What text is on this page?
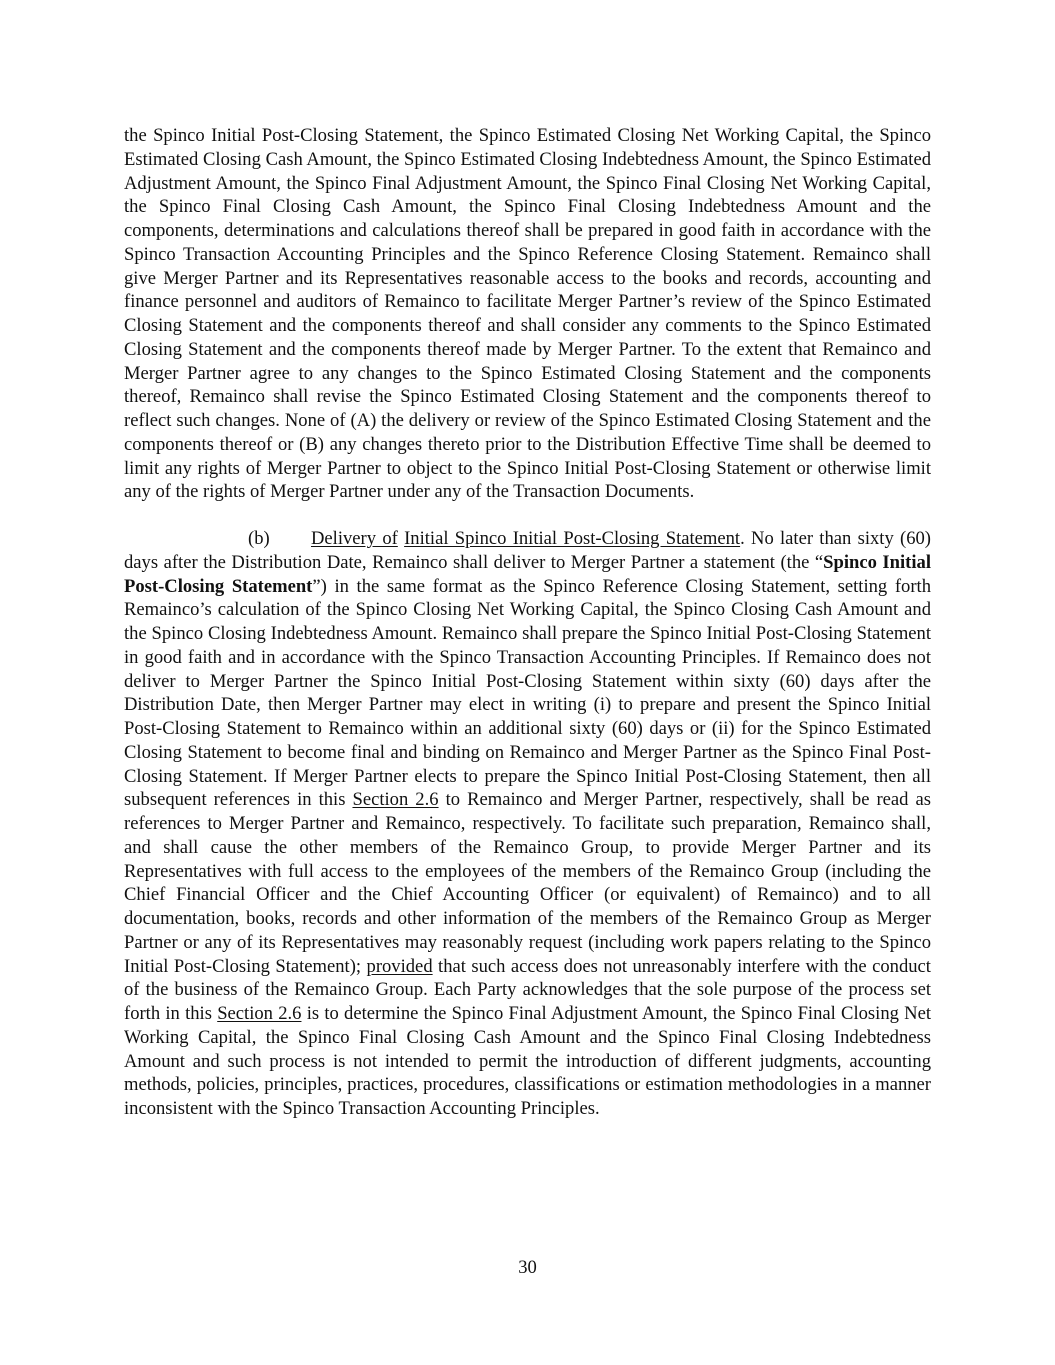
the Spinco Initial Post-Closing Statement, the Spinco Estimated Closing Net Working Capital, the Spinco Estimated Closing Cash Amount, the Spinco Estimated Closing Indebtedness Amount, the Spinco Estimated Adjustment Amount, the Spinco Final Adjustment Amount, the Spinco Final Closing Net Working Capital, the Spinco Final Closing Cash Amount, the Spinco Final Closing Indebtedness Amount and the components, determinations and calculations thereof shall be prepared in good faith in accordance with the Spinco Transaction Accounting Principles and the Spinco Reference Closing Statement. Remainco shall give Merger Partner and its Representatives reasonable access to the books and records, accounting and finance personnel and auditors of Remainco to facilitate Merger Partner’s review of the Spinco Estimated Closing Statement and the components thereof and shall consider any comments to the Spinco Estimated Closing Statement and the components thereof made by Merger Partner. To the extent that Remainco and Merger Partner agree to any changes to the Spinco Estimated Closing Statement and the components thereof, Remainco shall revise the Spinco Estimated Closing Statement and the components thereof to reflect such changes. None of (A) the delivery or review of the Spinco Estimated Closing Statement and the components thereof or (B) any changes thereto prior to the Distribution Effective Time shall be deemed to limit any rights of Merger Partner to object to the Spinco Initial Post-Closing Statement or otherwise limit any of the rights of Merger Partner under any of the Transaction Documents.

(b) Delivery of Initial Spinco Initial Post-Closing Statement. No later than sixty (60) days after the Distribution Date, Remainco shall deliver to Merger Partner a statement (the “Spinco Initial Post-Closing Statement”) in the same format as the Spinco Reference Closing Statement, setting forth Remainco’s calculation of the Spinco Closing Net Working Capital, the Spinco Closing Cash Amount and the Spinco Closing Indebtedness Amount. Remainco shall prepare the Spinco Initial Post-Closing Statement in good faith and in accordance with the Spinco Transaction Accounting Principles. If Remainco does not deliver to Merger Partner the Spinco Initial Post-Closing Statement within sixty (60) days after the Distribution Date, then Merger Partner may elect in writing (i) to prepare and present the Spinco Initial Post-Closing Statement to Remainco within an additional sixty (60) days or (ii) for the Spinco Estimated Closing Statement to become final and binding on Remainco and Merger Partner as the Spinco Final Post-Closing Statement. If Merger Partner elects to prepare the Spinco Initial Post-Closing Statement, then all subsequent references in this Section 2.6 to Remainco and Merger Partner, respectively, shall be read as references to Merger Partner and Remainco, respectively. To facilitate such preparation, Remainco shall, and shall cause the other members of the Remainco Group, to provide Merger Partner and its Representatives with full access to the employees of the members of the Remainco Group (including the Chief Financial Officer and the Chief Accounting Officer (or equivalent) of Remainco) and to all documentation, books, records and other information of the members of the Remainco Group as Merger Partner or any of its Representatives may reasonably request (including work papers relating to the Spinco Initial Post-Closing Statement); provided that such access does not unreasonably interfere with the conduct of the business of the Remainco Group. Each Party acknowledges that the sole purpose of the process set forth in this Section 2.6 is to determine the Spinco Final Adjustment Amount, the Spinco Final Closing Net Working Capital, the Spinco Final Closing Cash Amount and the Spinco Final Closing Indebtedness Amount and such process is not intended to permit the introduction of different judgments, accounting methods, policies, principles, practices, procedures, classifications or estimation methodologies in a manner inconsistent with the Spinco Transaction Accounting Principles.

30
